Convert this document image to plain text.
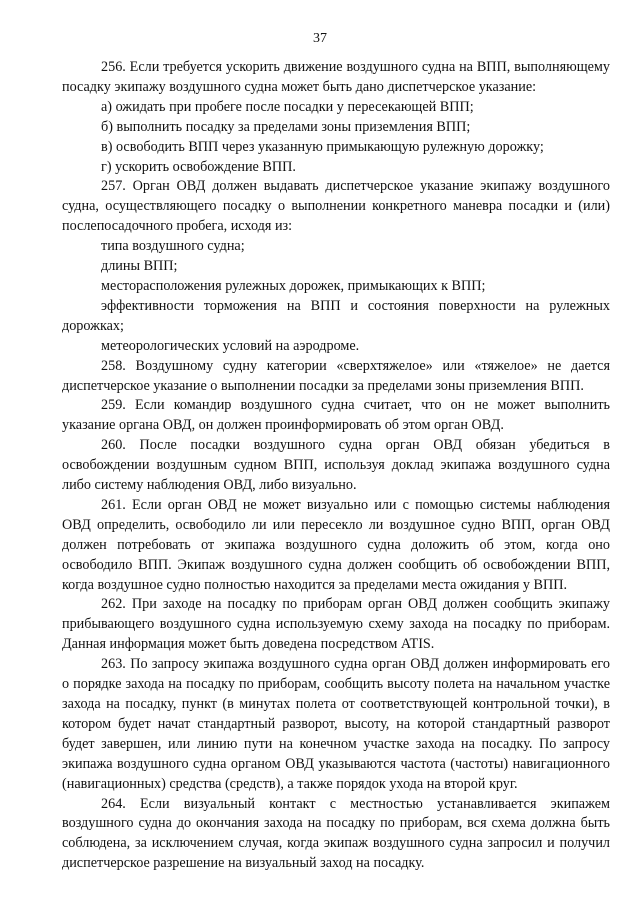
37

256. Если требуется ускорить движение воздушного судна на ВПП, выполняющему посадку экипажу воздушного судна может быть дано диспетчерское указание:

а) ожидать при пробеге после посадки у пересекающей ВПП;

б) выполнить посадку за пределами зоны приземления ВПП;

в) освободить ВПП через указанную примыкающую рулежную дорожку;

г) ускорить освобождение ВПП.

257. Орган ОВД должен выдавать диспетчерское указание экипажу воздушного судна, осуществляющего посадку о выполнении конкретного маневра посадки и (или) послепосадочного пробега, исходя из:

типа воздушного судна;

длины ВПП;

месторасположения рулежных дорожек, примыкающих к ВПП;

эффективности торможения на ВПП и состояния поверхности на рулежных дорожках;

метеорологических условий на аэродроме.

258. Воздушному судну категории «сверхтяжелое» или «тяжелое» не дается диспетчерское указание о выполнении посадки за пределами зоны приземления ВПП.

259. Если командир воздушного судна считает, что он не может выполнить указание органа ОВД, он должен проинформировать об этом орган ОВД.

260. После посадки воздушного судна орган ОВД обязан убедиться в освобождении воздушным судном ВПП, используя доклад экипажа воздушного судна либо систему наблюдения ОВД, либо визуально.

261. Если орган ОВД не может визуально или с помощью системы наблюдения ОВД определить, освободило ли или пересекло ли воздушное судно ВПП, орган ОВД должен потребовать от экипажа воздушного судна доложить об этом, когда оно освободило ВПП. Экипаж воздушного судна должен сообщить об освобождении ВПП, когда воздушное судно полностью находится за пределами места ожидания у ВПП.

262. При заходе на посадку по приборам орган ОВД должен сообщить экипажу прибывающего воздушного судна используемую схему захода на посадку по приборам. Данная информация может быть доведена посредством ATIS.

263. По запросу экипажа воздушного судна орган ОВД должен информировать его о порядке захода на посадку по приборам, сообщить высоту полета на начальном участке захода на посадку, пункт (в минутах полета от соответствующей контрольной точки), в котором будет начат стандартный разворот, высоту, на которой стандартный разворот будет завершен, или линию пути на конечном участке захода на посадку. По запросу экипажа воздушного судна органом ОВД указываются частота (частоты) навигационного (навигационных) средства (средств), а также порядок ухода на второй круг.

264. Если визуальный контакт с местностью устанавливается экипажем воздушного судна до окончания захода на посадку по приборам, вся схема должна быть соблюдена, за исключением случая, когда экипаж воздушного судна запросил и получил диспетчерское разрешение на визуальный заход на посадку.
